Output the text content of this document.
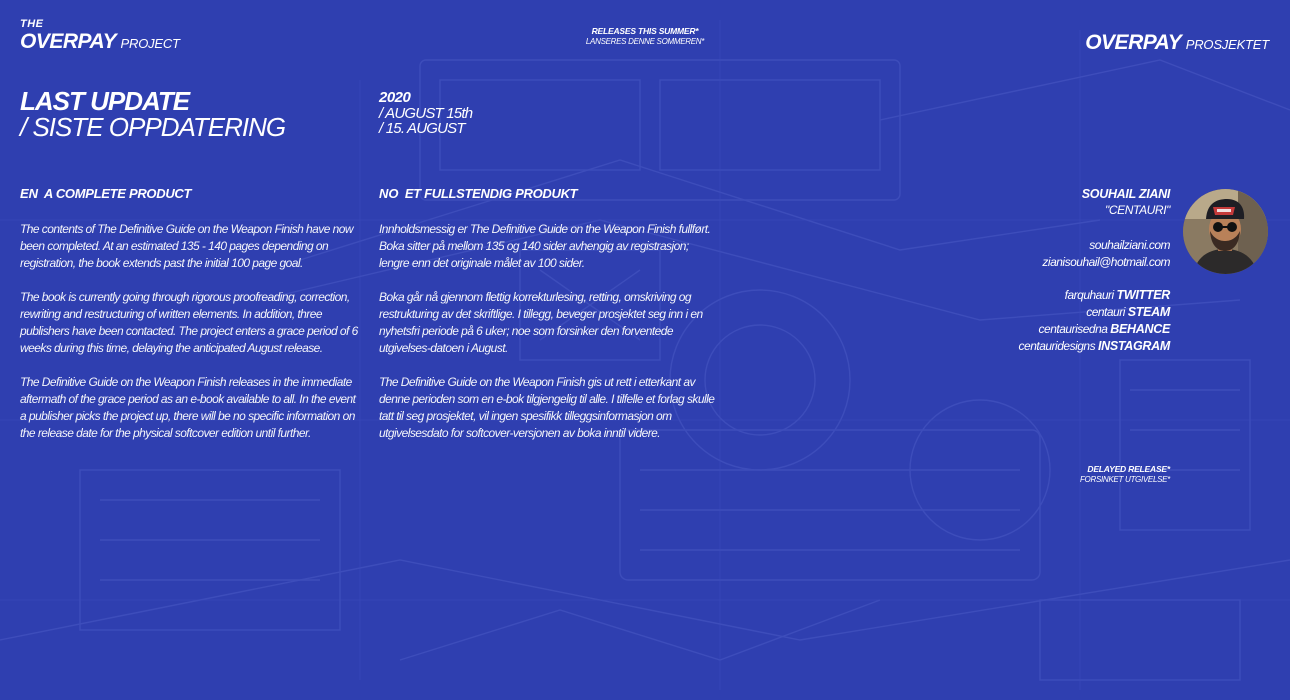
THE
OVERPAY PROJECT
RELEASES THIS SUMMER*
LANSERES DENNE SOMMEREN*	OVERPAY PROSJEKTET
LAST UPDATE
/ SISTE OPPDATERING
2020
/ AUGUST 15th
/ 15. AUGUST
EN A COMPLETE PRODUCT

The contents of The Definitive Guide on the Weapon Finish have now been completed. At an estimated 135 - 140 pages depending on registration, the book extends past the initial 100 page goal.

The book is currently going through rigorous proofreading, correction, rewriting and restructuring of written elements. In addition, three publishers have been contacted. The project enters a grace period of 6 weeks during this time, delaying the anticipated August release.

The Definitive Guide on the Weapon Finish releases in the immediate aftermath of the grace period as an e-book available to all. In the event a publisher picks the project up, there will be no specific information on the release date for the physical softcover edition until further.

NO ET FULLSTENDIG PRODUKT

Innholdsmessig er The Definitive Guide on the Weapon Finish fullført. Boka sitter på mellom 135 og 140 sider avhengig av registrasjon; lengre enn det originale målet av 100 sider.

Boka går nå gjennom flettig korrekturlesing, retting, omskriving og restrukturing av det skriftlige. I tillegg, beveger prosjektet seg inn i en nyhetsfri periode på 6 uker; noe som forsinker den forventede utgivelses-datoen i August.

The Definitive Guide on the Weapon Finish gis ut rett i etterkant av denne perioden som en e-bok tilgjengelig til alle. I tilfelle et forlag skulle tatt til seg prosjektet, vil ingen spesifikk tilleggsinformasjon om utgivelsesdato for softcover-versjonen av boka inntil videre.

SOUHAIL ZIANI
"CENTAURI"
souhailziani.com
zianisouhail@hotmail.com
farquhauri TWITTER
centauri STEAM
centaurisedna BEHANCE
centauridesigns INSTAGRAM
DELAYED RELEASE*
FORSINKET UTGIVELSE*
